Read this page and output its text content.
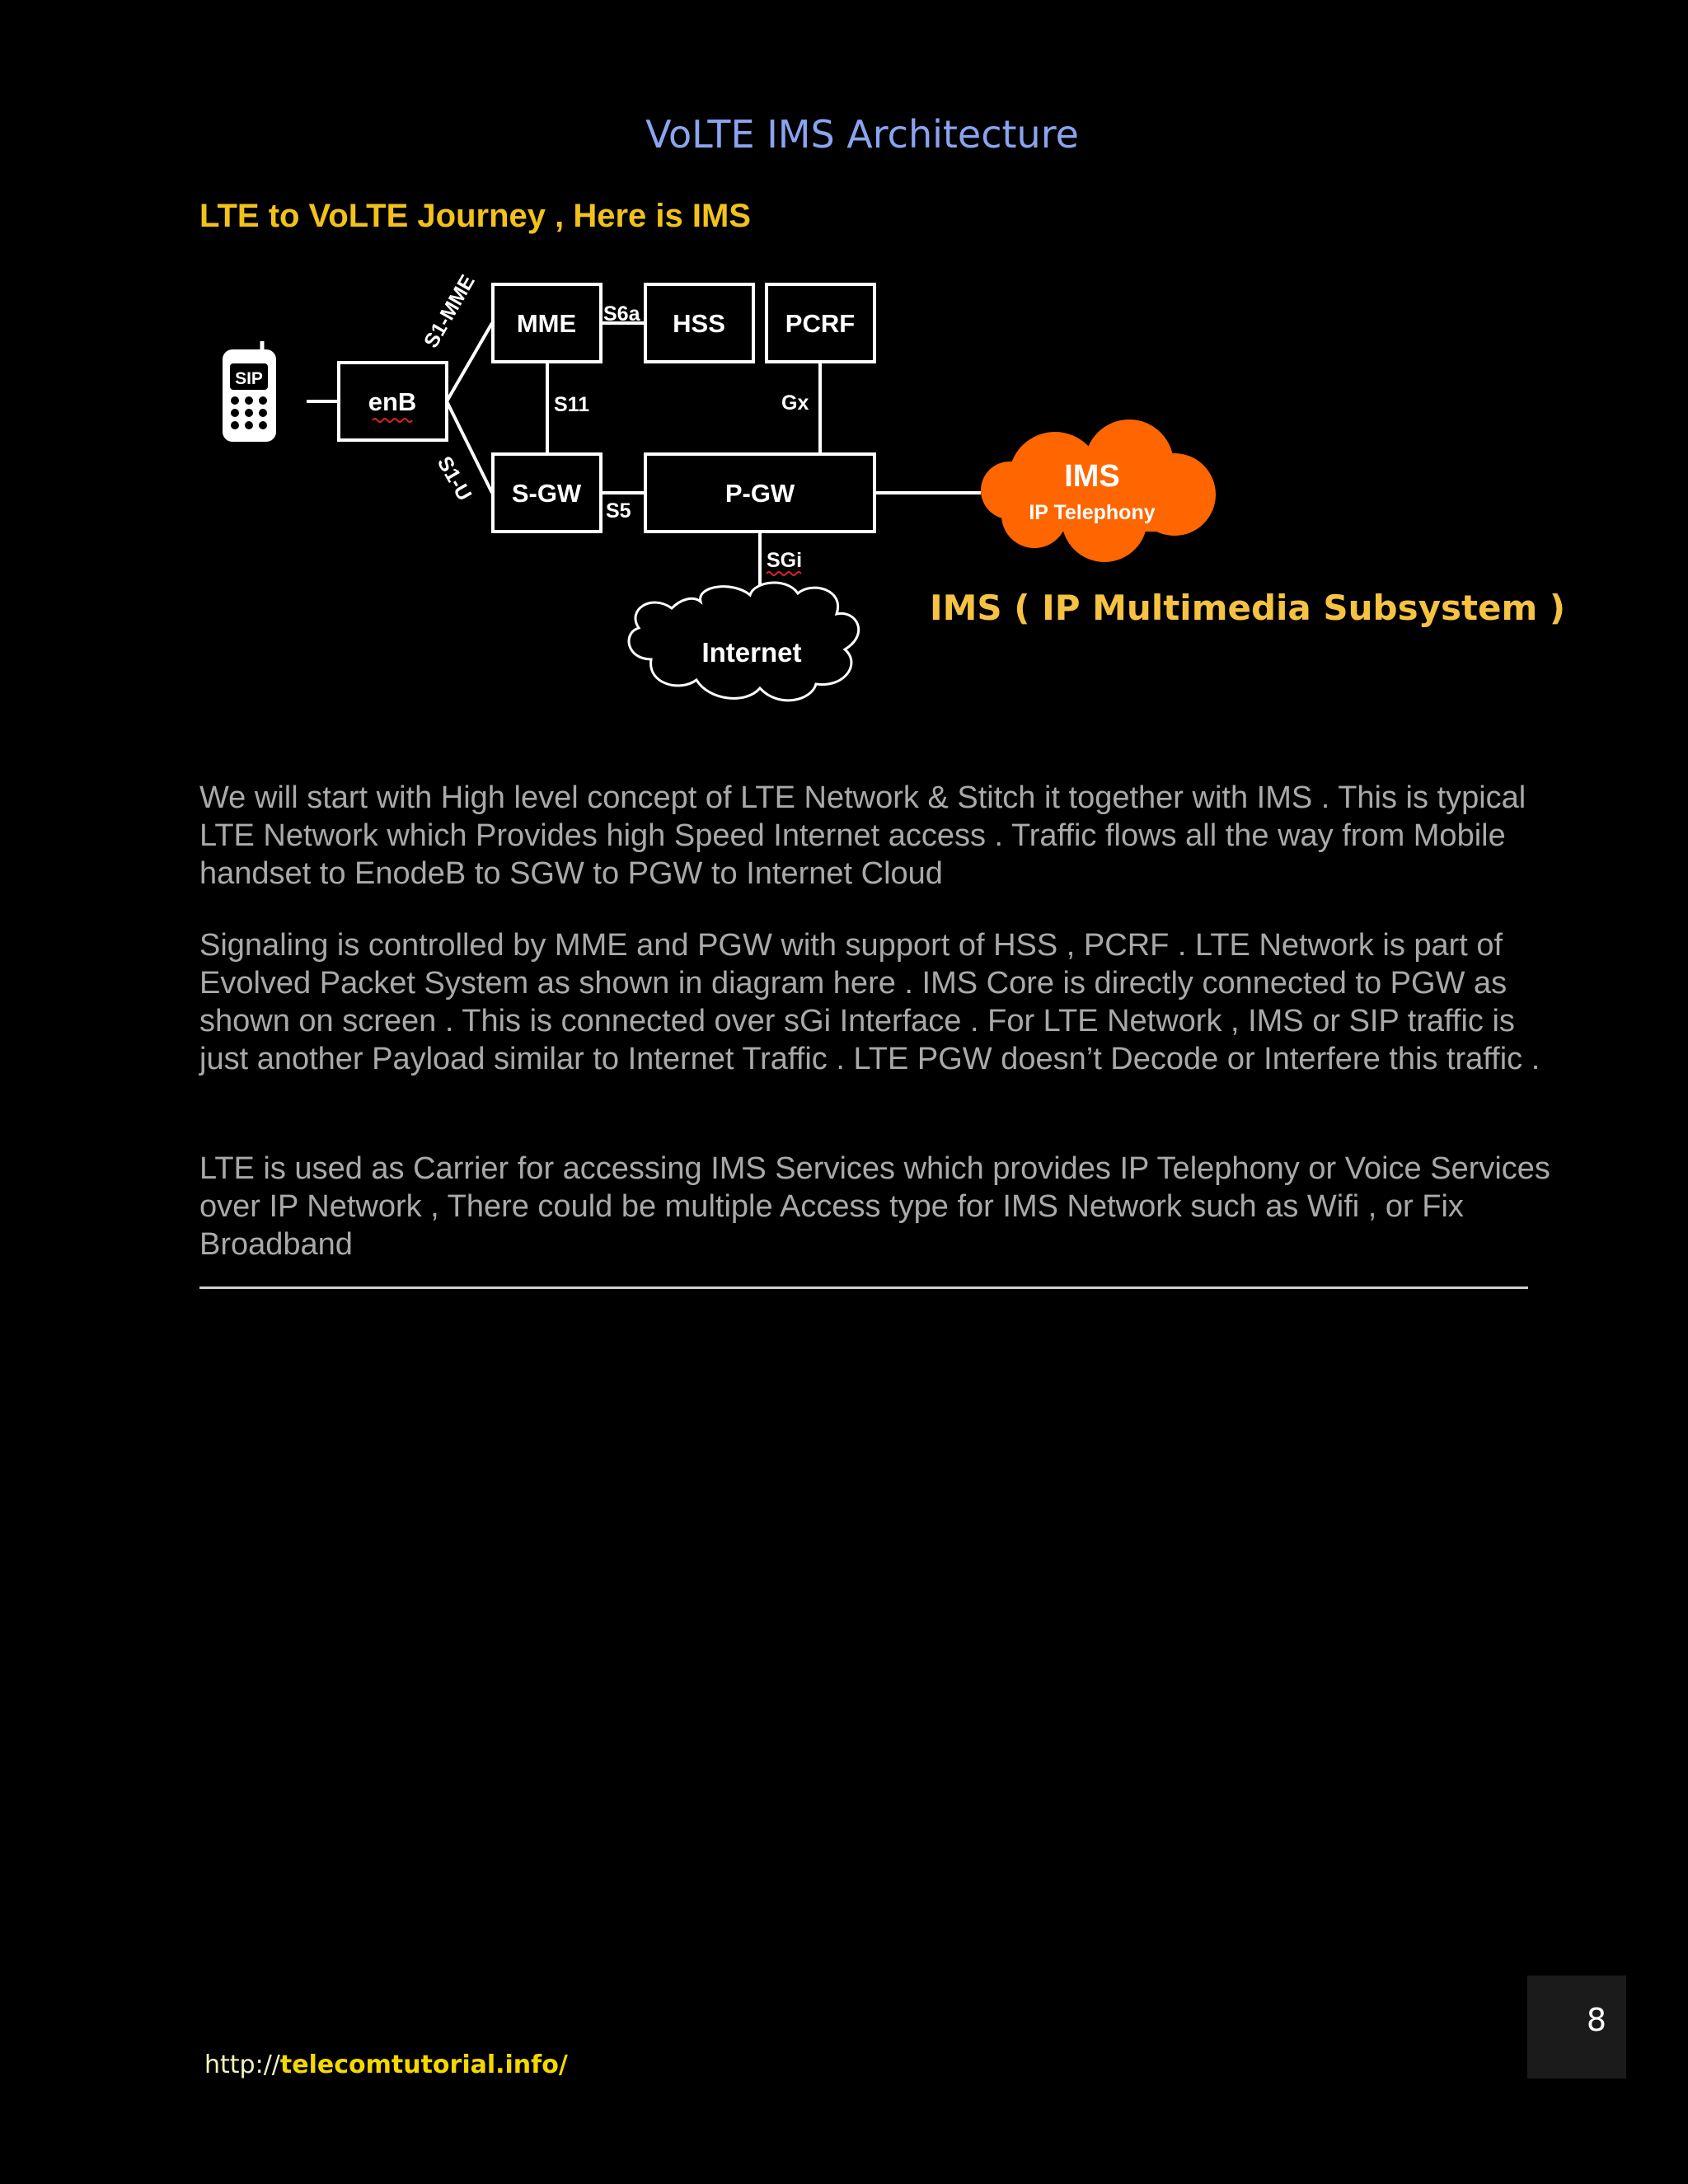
VoLTE IMS Architecture
LTE to VoLTE Journey , Here is IMS
SIP
enB
MME	HSS PCRF
S-GW	P-GW
S1-MME
S1-U
S6a
S11	Gx
S5
SGi
IMS
IP Telephony
IMS ( IP Multimedia Subsystem )
Internet

We will start with High level concept of LTE Network & Stitch it together with IMS . This is typical LTE Network which Provides high Speed Internet access . Traffic flows all the way from Mobile handset to EnodeB to SGW to PGW to Internet Cloud

Signaling is controlled by MME and PGW with support of HSS , PCRF . LTE Network is part of Evolved Packet System as shown in diagram here . IMS Core is directly connected to PGW as shown on screen . This is connected over sGi Interface . For LTE Network , IMS or SIP traffic is just another Payload similar to Internet Traffic . LTE PGW doesn’t Decode or Interfere this traffic .

LTE is used as Carrier for accessing IMS Services which provides IP Telephony or Voice Services over IP Network , There could be multiple Access type for IMS Network such as Wifi , or Fix Broadband

8
http://telecomtutorial.info/
